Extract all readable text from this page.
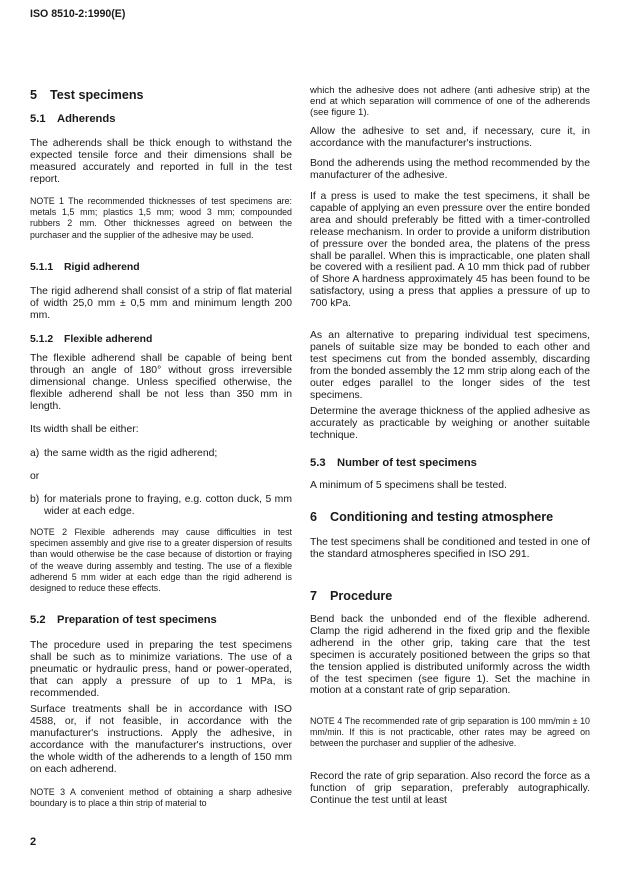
ISO 8510-2:1990(E)
5 Test specimens
5.1 Adherends

The adherends shall be thick enough to withstand the expected tensile force and their dimensions shall be measured accurately and reported in full in the test report.

NOTE 1 The recommended thicknesses of test specimens are: metals 1,5 mm; plastics 1,5 mm; wood 3 mm; compounded rubbers 2 mm. Other thicknesses agreed on between the purchaser and the supplier of the adhesive may be used.

5.1.1 Rigid adherend

The rigid adherend shall consist of a strip of flat material of width 25,0 mm ± 0,5 mm and minimum length 200 mm.

5.1.2 Flexible adherend

The flexible adherend shall be capable of being bent through an angle of 180° without gross irreversible dimensional change. Unless specified otherwise, the flexible adherend shall be not less than 350 mm in length.

Its width shall be either:

a) the same width as the rigid adherend;

or

b) for materials prone to fraying, e.g. cotton duck, 5 mm wider at each edge.

NOTE 2 Flexible adherends may cause difficulties in test specimen assembly and give rise to a greater dispersion of results than would otherwise be the case because of distortion or fraying of the weave during assembly and testing. The use of a flexible adherend 5 mm wider at each edge than the rigid adherend is designed to reduce these effects.

5.2 Preparation of test specimens

The procedure used in preparing the test specimens shall be such as to minimize variations. The use of a pneumatic or hydraulic press, hand or power-operated, that can apply a pressure of up to 1 MPa, is recommended.

Surface treatments shall be in accordance with ISO 4588, or, if not feasible, in accordance with the manufacturer's instructions. Apply the adhesive, in accordance with the manufacturer's instructions, over the whole width of the adherends to a length of 150 mm on each adherend.

NOTE 3 A convenient method of obtaining a sharp adhesive boundary is to place a thin strip of material to

2

which the adhesive does not adhere (anti adhesive strip) at the end at which separation will commence of one of the adherends (see figure 1).

Allow the adhesive to set and, if necessary, cure it, in accordance with the manufacturer's instructions.

Bond the adherends using the method recommended by the manufacturer of the adhesive.

If a press is used to make the test specimens, it shall be capable of applying an even pressure over the entire bonded area and should preferably be fitted with a timer-controlled release mechanism. In order to provide a uniform distribution of pressure over the bonded area, the platens of the press shall be parallel. When this is impracticable, one platen shall be covered with a resilient pad. A 10 mm thick pad of rubber of Shore A hardness approximately 45 has been found to be satisfactory, using a press that applies a pressure of up to 700 kPa.

As an alternative to preparing individual test specimens, panels of suitable size may be bonded to each other and test specimens cut from the bonded assembly, discarding from the bonded assembly the 12 mm strip along each of the outer edges parallel to the longer sides of the test specimens.

Determine the average thickness of the applied adhesive as accurately as practicable by weighing or another suitable technique.

5.3 Number of test specimens

A minimum of 5 specimens shall be tested.

6 Conditioning and testing atmosphere

The test specimens shall be conditioned and tested in one of the standard atmospheres specified in ISO 291.

7 Procedure

Bend back the unbonded end of the flexible adherend. Clamp the rigid adherend in the fixed grip and the flexible adherend in the other grip, taking care that the test specimen is accurately positioned between the grips so that the tension applied is distributed uniformly across the width of the test specimen (see figure 1). Set the machine in motion at a constant rate of grip separation.

NOTE 4 The recommended rate of grip separation is 100 mm/min ± 10 mm/min. If this is not practicable, other rates may be agreed on between the purchaser and supplier of the adhesive.

Record the rate of grip separation. Also record the force as a function of grip separation, preferably autographically. Continue the test until at least
